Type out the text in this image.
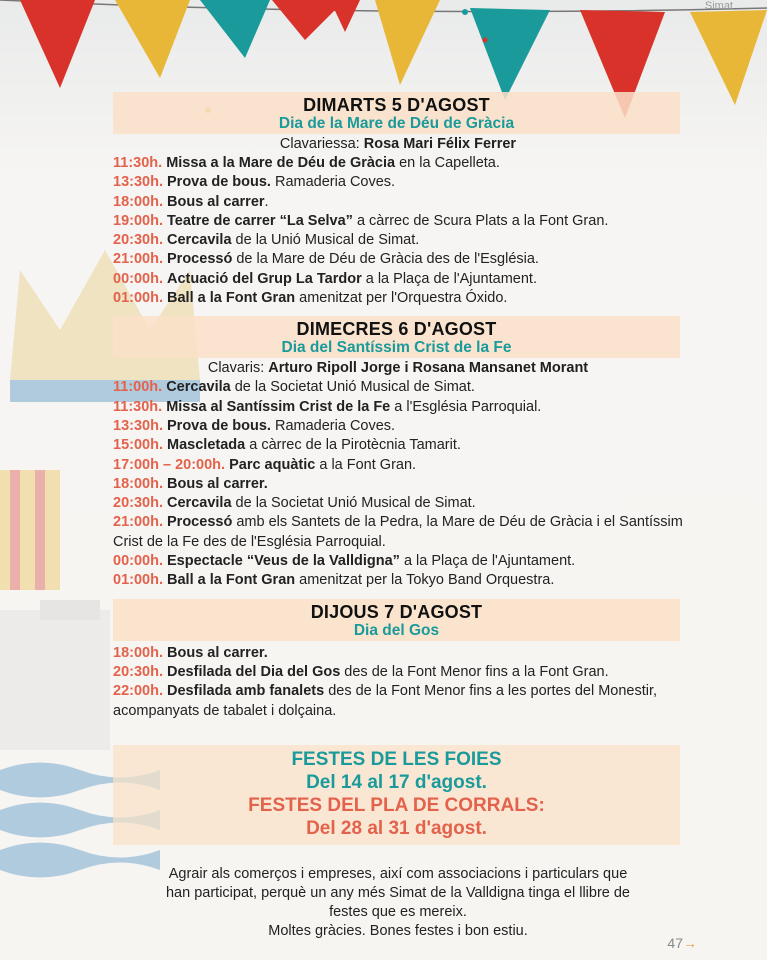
Simat
DIMARTS 5 D'AGOST
Dia de la Mare de Déu de Gràcia

Clavariessa: Rosa Mari Félix Ferrer

11:30h. Missa a la Mare de Déu de Gràcia en la Capelleta.
13:30h. Prova de bous. Ramaderia Coves.
18:00h. Bous al carrer.
19:00h. Teatre de carrer “La Selva” a càrrec de Scura Plats a la Font Gran.
20:30h. Cercavila de la Unió Musical de Simat.
21:00h. Processó de la Mare de Déu de Gràcia des de l'Església.
00:00h. Actuació del Grup La Tardor a la Plaça de l'Ajuntament.
01:00h. Ball a la Font Gran amenitzat per l'Orquestra Óxido.
DIMECRES 6 D'AGOST
Dia del Santíssim Crist de la Fe

Clavaris: Arturo Ripoll Jorge i Rosana Mansanet Morant

11:00h. Cercavila de la Societat Unió Musical de Simat.
11:30h. Missa al Santíssim Crist de la Fe a l'Església Parroquial.
13:30h. Prova de bous. Ramaderia Coves.
15:00h. Mascletada a càrrec de la Pirotècnia Tamarit.
17:00h – 20:00h. Parc aquàtic a la Font Gran.
18:00h. Bous al carrer.
20:30h. Cercavila de la Societat Unió Musical de Simat.
21:00h. Processó amb els Santets de la Pedra, la Mare de Déu de Gràcia i el Santíssim Crist de la Fe des de l'Església Parroquial.
00:00h. Espectacle “Veus de la Valldigna” a la Plaça de l'Ajuntament.
01:00h. Ball a la Font Gran amenitzat per la Tokyo Band Orquestra.
DIJOUS 7 D'AGOST
Dia del Gos
18:00h. Bous al carrer.
20:30h. Desfilada del Dia del Gos des de la Font Menor fins a la Font Gran.
22:00h. Desfilada amb fanalets des de la Font Menor fins a les portes del Monestir, acompanyats de tabalet i dolçaina.
FESTES DE LES FOIES
Del 14 al 17 d'agost.
FESTES DEL PLA DE CORRALS:
Del 28 al 31 d'agost.
Agrair als comerços i empreses, així com associacions i particulars que
han participat, perquè un any més Simat de la Valldigna tinga el llibre de
festes que es mereix.
Moltes gràcies. Bones festes i bon estiu.
47→
